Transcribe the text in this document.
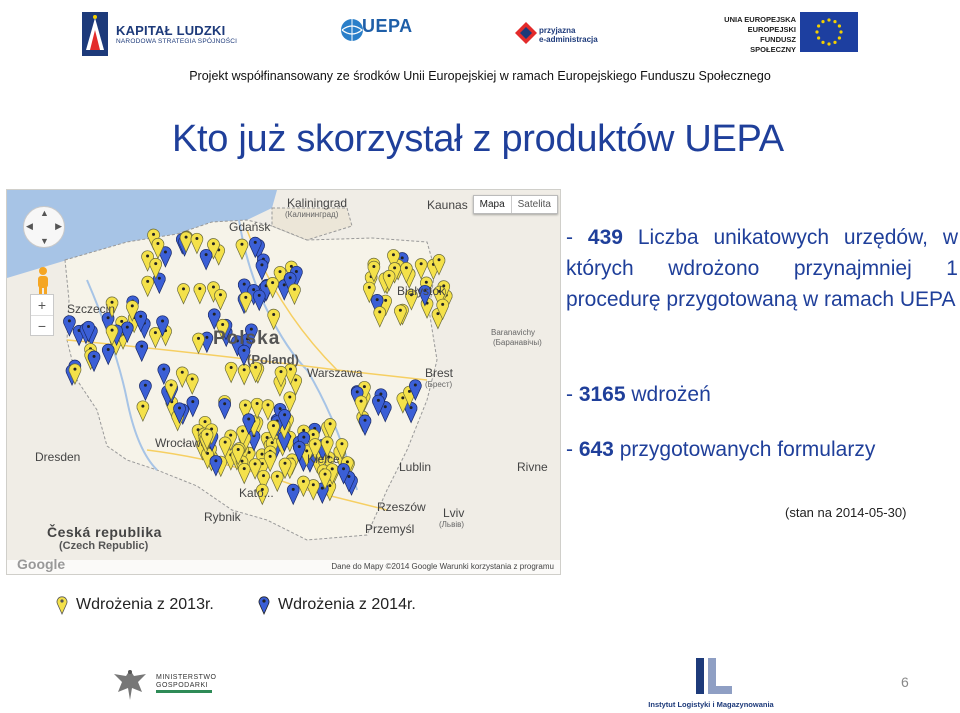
KAPITAŁ LUDZKI
NARODOWA STRATEGIA SPÓJNOŚCI
UEPA	przyjazna
e-administracja
UNIA EUROPEJSKA
EUROPEJSKI
FUNDUSZ SPOŁECZNY
Projekt współfinansowany ze środków Unii Europejskiej w ramach Europejskiego Funduszu Społecznego
Kto już skorzystał z produktów UEPA
Mapa	Satelita
▲
▼
◀ ▶
+
−
Gdańsk
Kaliningrad
(Калининград)
Kaunas
Szczecin
Białystok
Warszawa	Brest
(Брест)
Wrocław
Kielce
Lublin	Rivne
Kato...
Rybnik
Rzeszów
Przemyśl
Lviv
(Львів)
Dresden
Baranavichy
(Баранавічы)
Polska
(Poland)
Česká republika
(Czech Republic)
Google	Dane do Mapy ©2014 Google Warunki korzystania z programu
- 439 Liczba unikatowych urzędów, w których wdrożono przynajmniej 1 procedurę przygotowaną w ramach UEPA
- 3165 wdrożeń
- 643 przygotowanych formularzy
(stan na 2014-05-30)
Wdrożenia z 2013r.	Wdrożenia z 2014r.
MINISTERSTWO
GOSPODARKI
Instytut Logistyki i Magazynowania
6
